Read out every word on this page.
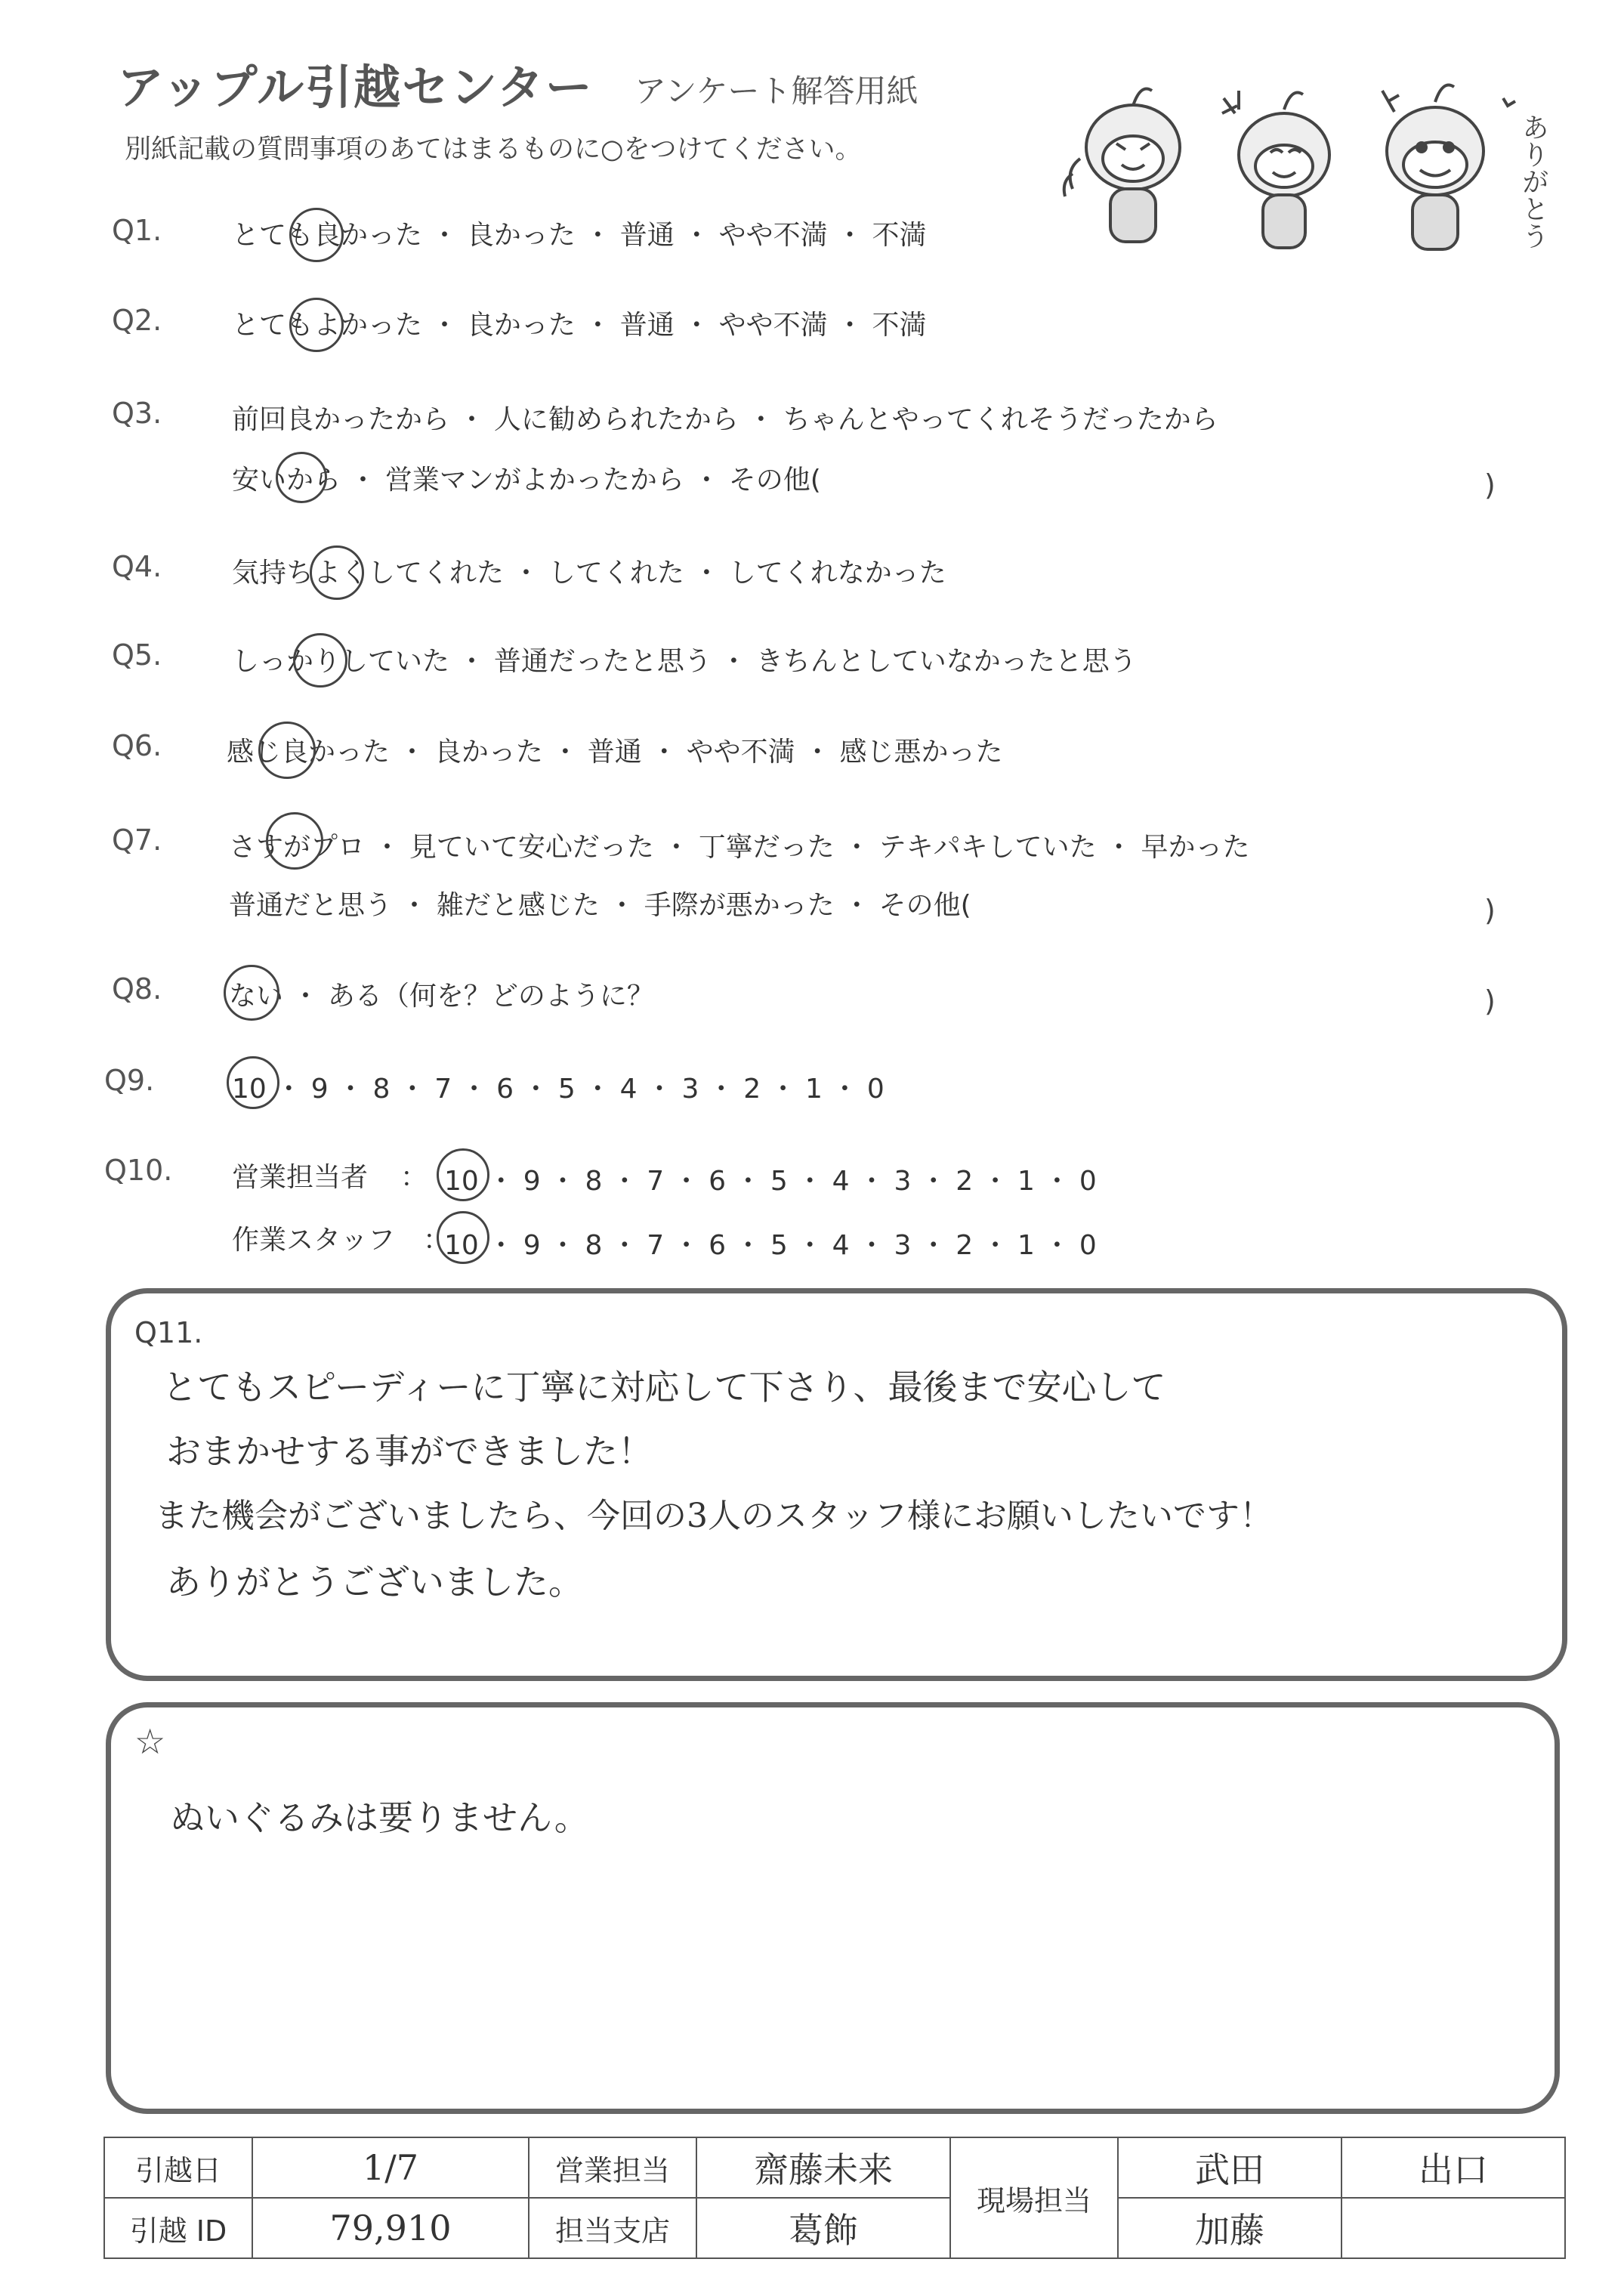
アップル引越センター アンケート解答用紙
別紙記載の質問事項のあてはまるものに○をつけてください。	ありがとう
Q1.	とても良かった ・ 良かった ・ 普通 ・ やや不満 ・ 不満
Q2.	とてもよかった ・ 良かった ・ 普通 ・ やや不満 ・ 不満
Q3.	前回良かったから ・ 人に勧められたから ・ ちゃんとやってくれそうだったから
安いから ・ 営業マンがよかったから ・ その他(	)
Q4.	気持ちよくしてくれた ・ してくれた ・ してくれなかった
Q5.	しっかりしていた ・ 普通だったと思う ・ きちんとしていなかったと思う
Q6. 感じ良かった ・ 良かった ・ 普通 ・ やや不満 ・ 感じ悪かった
Q7. さすがプロ ・ 見ていて安心だった ・ 丁寧だった ・ テキパキしていた ・ 早かった
普通だと思う ・ 雑だと感じた ・ 手際が悪かった ・ その他(	)
Q8. ない ・ ある（何を？どのように？	)
Q9.	10 ・ 9 ・ 8 ・ 7 ・ 6 ・ 5 ・ 4 ・ 3 ・ 2 ・ 1 ・ 0
Q10. 営業担当者 ： 10 ・ 9 ・ 8 ・ 7 ・ 6 ・ 5 ・ 4 ・ 3 ・ 2 ・ 1 ・ 0
作業スタッフ ：
10 ・ 9 ・ 8 ・ 7 ・ 6 ・ 5 ・ 4 ・ 3 ・ 2 ・ 1 ・ 0
Q11.
とてもスピーディーに丁寧に対応して下さり、最後まで安心して
おまかせする事ができました！
また機会がございましたら、今回の3人のスタッフ様にお願いしたいです！
ありがとうございました。
☆
ぬいぐるみは要りません。
引越日	1/7	営業担当	齋藤未来	現場担当	武田	出口
引越 ID	79,910	担当支店	葛飾		加藤	
